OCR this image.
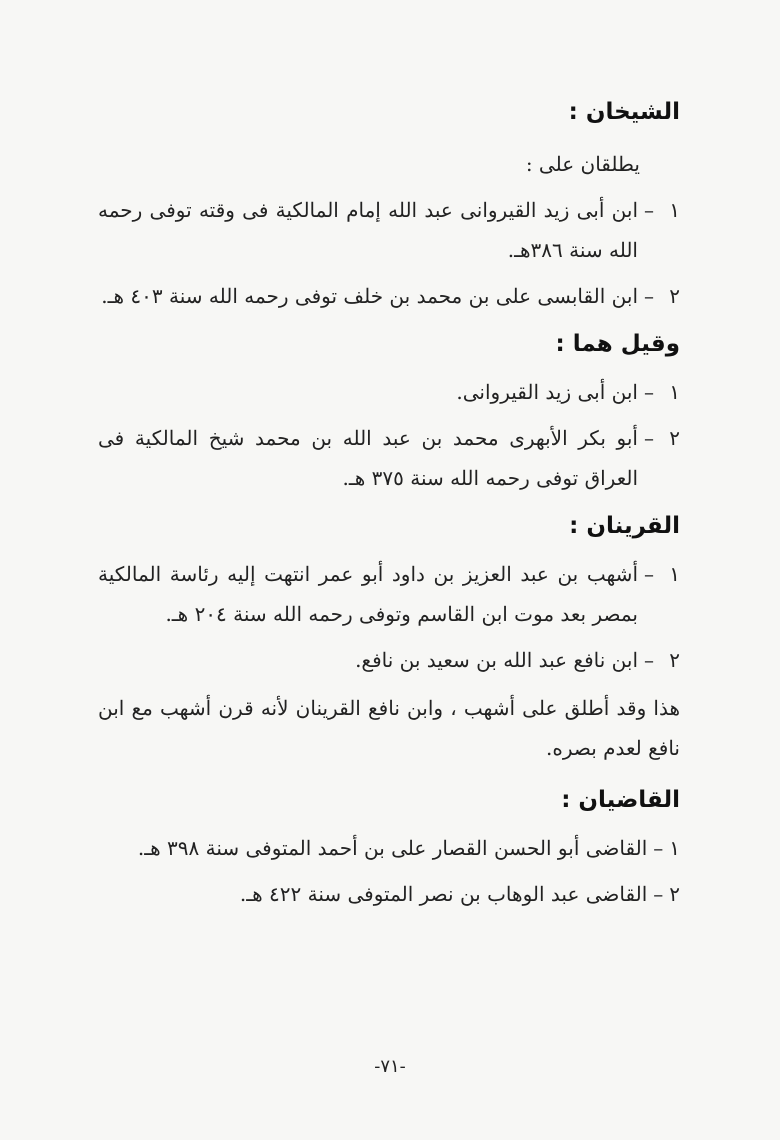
الشيخان :

يطلقان على :

١
–
ابن أبى زيد القيروانى عبد الله إمام المالكية فى وقته توفى رحمه الله سنة ٣٨٦هـ.
٢
–
ابن القابسى على بن محمد بن خلف توفى رحمه الله سنة ٤٠٣ هـ.
وقيل هما :
١
–
ابن أبى زيد القيروانى.
٢
–
أبو بكر الأبهرى محمد بن عبد الله بن محمد شيخ المالكية فى العراق توفى رحمه الله سنة ٣٧٥ هـ.
القرينان :
١
–
أشهب بن عبد العزيز بن داود أبو عمر انتهت إليه رئاسة المالكية بمصر بعد موت ابن القاسم وتوفى رحمه الله سنة ٢٠٤ هـ.
٢
–
ابن نافع عبد الله بن سعيد بن نافع.

هذا وقد أطلق على أشهب ، وابن نافع القرينان لأنه قرن أشهب مع ابن نافع لعدم بصره.

القاضيان :
١
–
القاضى أبو الحسن القصار على بن أحمد المتوفى سنة ٣٩٨ هـ.
٢
–
القاضى عبد الوهاب بن نصر المتوفى سنة ٤٢٢ هـ.
-٧١-
